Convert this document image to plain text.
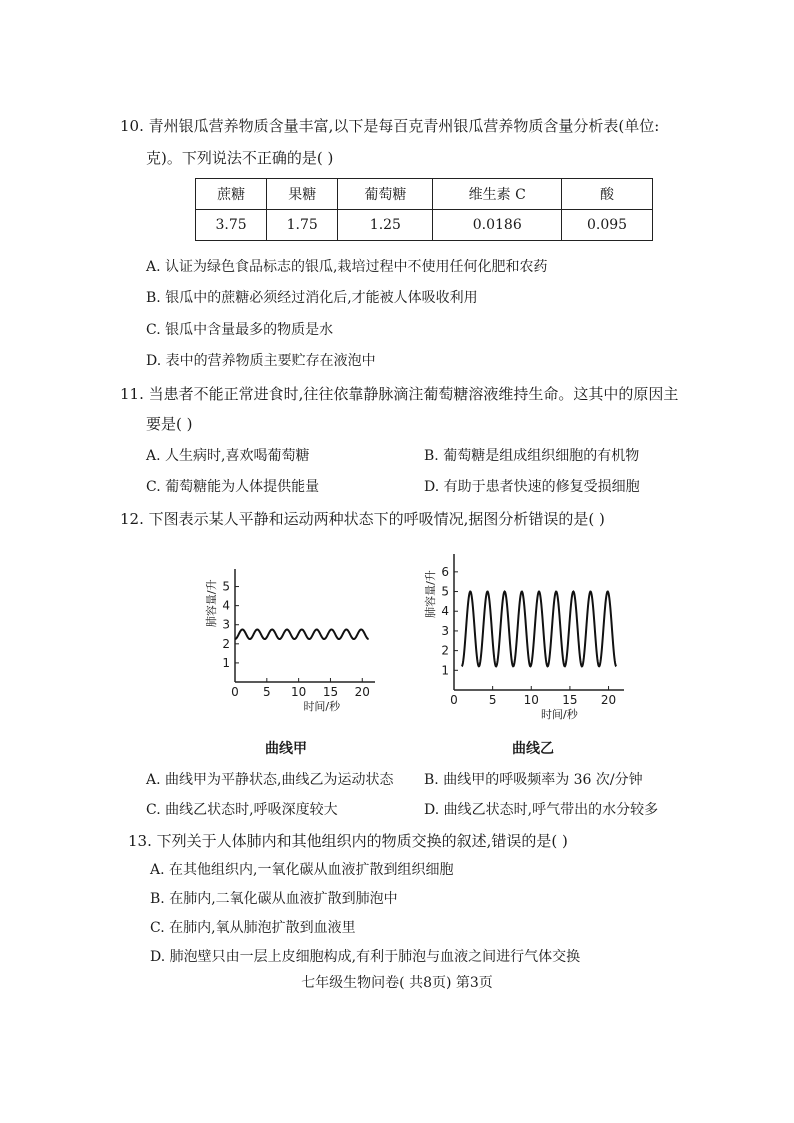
10. 青州银瓜营养物质含量丰富,以下是每百克青州银瓜营养物质含量分析表(单位:
克)。下列说法不正确的是( )
蔗糖	果糖	葡萄糖	维生素 C	酸
3.75	1.75	1.25	0.0186	0.095
A. 认证为绿色食品标志的银瓜,栽培过程中不使用任何化肥和农药
B. 银瓜中的蔗糖必须经过消化后,才能被人体吸收利用
C. 银瓜中含量最多的物质是水
D. 表中的营养物质主要贮存在液泡中
11. 当患者不能正常进食时,往往依靠静脉滴注葡萄糖溶液维持生命。这其中的原因主
要是( )
A. 人生病时,喜欢喝葡萄糖	B. 葡萄糖是组成组织细胞的有机物
C. 葡萄糖能为人体提供能量	D. 有助于患者快速的修复受损细胞
12. 下图表示某人平静和运动两种状态下的呼吸情况,据图分析错误的是( )
1
2
3
4
5
0 5 10 15 20
时间/秒
肺容量/升
1
2
3
4
5
6
0	5 10 15 20
时间/秒
肺容量/升
曲线甲	曲线乙
A. 曲线甲为平静状态,曲线乙为运动状态 B. 曲线甲的呼吸频率为 36 次/分钟
C. 曲线乙状态时,呼吸深度较大	D. 曲线乙状态时,呼气带出的水分较多
13. 下列关于人体肺内和其他组织内的物质交换的叙述,错误的是( )
A. 在其他组织内,一氧化碳从血液扩散到组织细胞
B. 在肺内,二氧化碳从血液扩散到肺泡中
C. 在肺内,氧从肺泡扩散到血液里
D. 肺泡壁只由一层上皮细胞构成,有利于肺泡与血液之间进行气体交换
七年级生物问卷( 共8页) 第3页
